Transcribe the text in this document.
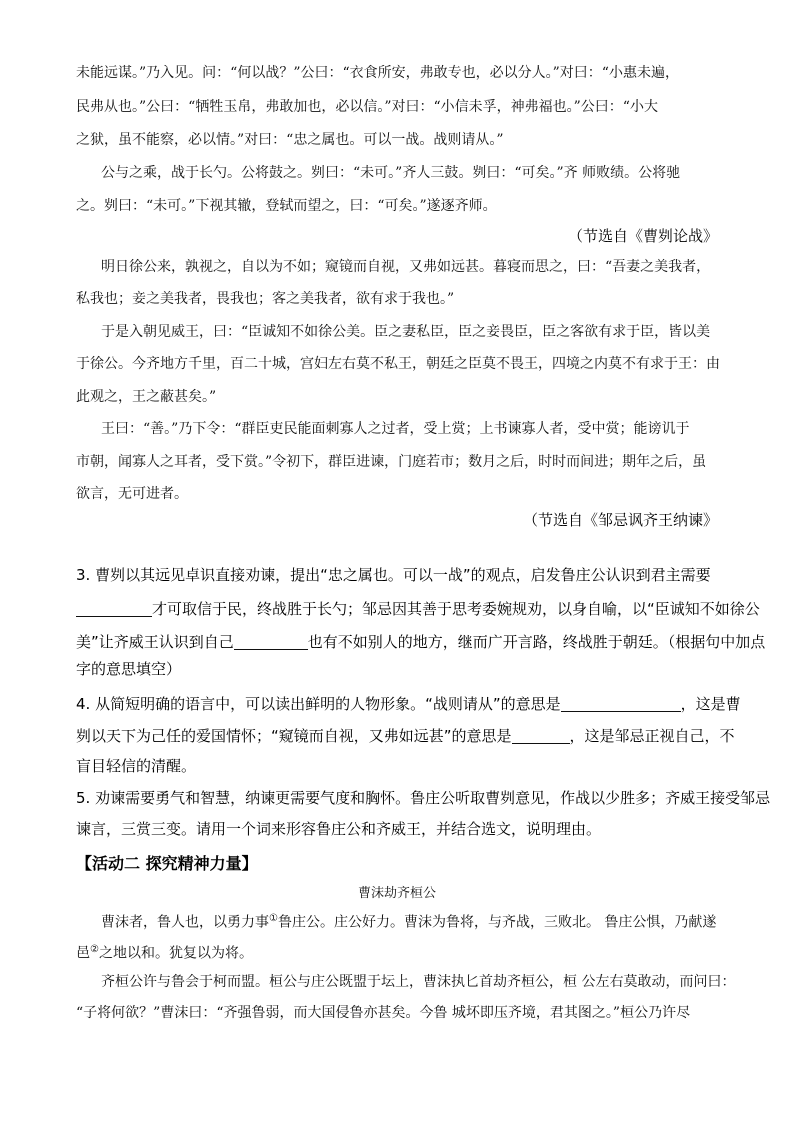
未能远谋。”乃入见。问：“何以战？”公曰：“衣食所安，弗敢专也，必以分人。”对曰：“小惠未遍，
民弗从也。”公曰：“牺牲玉帛，弗敢加也，必以信。”对曰：“小信未孚，神弗福也。”公曰：“小大
之狱，虽不能察，必以情。”对曰：“忠之属也。可以一战。战则请从。”
公与之乘，战于长勺。公将鼓之。刿曰：“未可。”齐人三鼓。刿曰：“可矣。”齐 师败绩。公将驰
之。刿曰：“未可。”下视其辙，登轼而望之，曰：“可矣。”遂逐齐师。
（节选自《曹刿论战》
明日徐公来，孰视之，自以为不如；窥镜而自视，又弗如远甚。暮寝而思之，曰：“吾妻之美我者，
私我也；妾之美我者，畏我也；客之美我者，欲有求于我也。”
于是入朝见威王，曰：“臣诚知不如徐公美。臣之妻私臣，臣之妾畏臣，臣之客欲有求于臣，皆以美
于徐公。今齐地方千里，百二十城，宫妇左右莫不私王，朝廷之臣莫不畏王，四境之内莫不有求于王：由
此观之，王之蔽甚矣。”
王曰：“善。”乃下令：“群臣吏民能面刺寡人之过者，受上赏；上书谏寡人者，受中赏；能谤讥于
市朝，闻寡人之耳者，受下赏。”令初下，群臣进谏，门庭若市；数月之后，时时而间进；期年之后，虽
欲言，无可进者。
（节选自《邹忌讽齐王纳谏》
3. 曹刿以其远见卓识直接劝谏，提出“忠之属也。可以一战”的观点，启发鲁庄公认识到君主需要
才可取信于民，终战胜于长勺；邹忌因其善于思考委婉规劝，以身自喻，以“臣诚知不如徐公
美”让齐威王认识到自己	也有不如别人的地方，继而广开言路，终战胜于朝廷。（根据句中加点
字的意思填空）
4. 从简短明确的语言中，可以读出鲜明的人物形象。“战则请从”的意思是	，这是曹
刿以天下为己任的爱国情怀；“窥镜而自视，又弗如远甚”的意思是	，这是邹忌正视自己，不
盲目轻信的清醒。
5. 劝谏需要勇气和智慧，纳谏更需要气度和胸怀。鲁庄公听取曹刿意见，作战以少胜多；齐威王接受邹忌
谏言，三赏三变。请用一个词来形容鲁庄公和齐威王，并结合选文，说明理由。
【活动二 探究精神力量】
曹沫劫齐桓公
曹沫者，鲁人也，以勇力事①鲁庄公。庄公好力。曹沫为鲁将，与齐战，三败北。 鲁庄公惧，乃献遂
邑②之地以和。犹复以为将。
齐桓公许与鲁会于柯而盟。桓公与庄公既盟于坛上，曹沫执匕首劫齐桓公，桓 公左右莫敢动，而问曰：
“子将何欲？”曹沫曰：“齐强鲁弱，而大国侵鲁亦甚矣。今鲁 城坏即压齐境，君其图之。”桓公乃许尽
